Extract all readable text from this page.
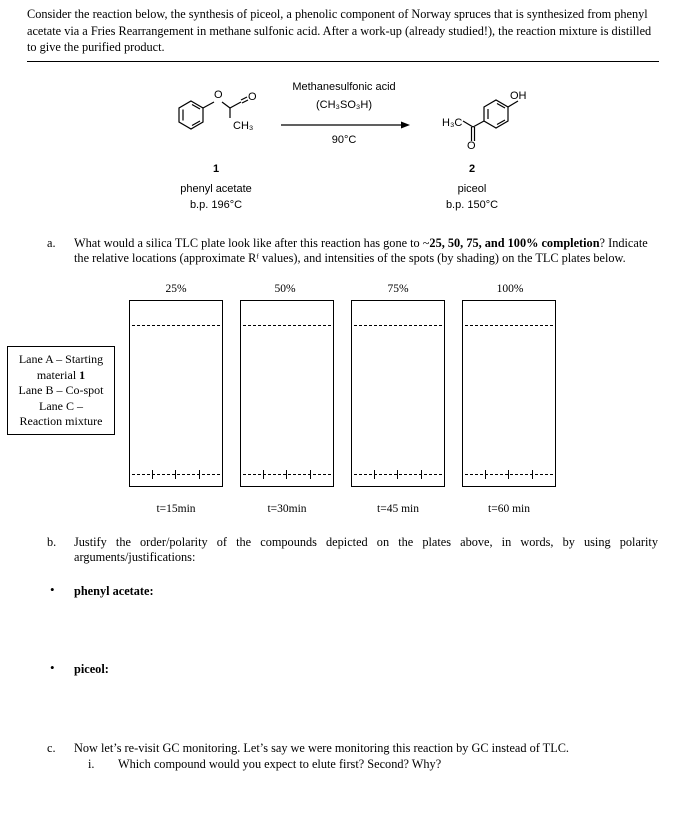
Consider the reaction below, the synthesis of piceol, a phenolic component of Norway spruces that is synthesized from phenyl acetate via a Fries Rearrangement in methane sulfonic acid. After a work-up (already studied!), the reaction mixture is distilled to give the purified product.
O O
CH₃
Methanesulfonic acid
(CH₃SO₃H)
90°C
OH
H₃C
O
1
phenyl acetate
b.p. 196°C
2
piceol
b.p. 150°C
a. What would a silica TLC plate look like after this reaction has gone to ~25, 50, 75, and 100% completion? Indicate the relative locations (approximate Rᶠ values), and intensities of the spots (by shading) on the TLC plates below.
25%	50%	75%	100%
Lane A – Starting
material 1
Lane B – Co-spot
Lane C –
Reaction mixture
t=15min	t=30min	t=45 min	t=60 min
b. Justify the order/polarity of the compounds depicted on the plates above, in words, by using polarity arguments/justifications:
• phenyl acetate:
• piceol:
c. Now let’s re-visit GC monitoring. Let’s say we were monitoring this reaction by GC instead of TLC.
i. Which compound would you expect to elute first? Second? Why?
